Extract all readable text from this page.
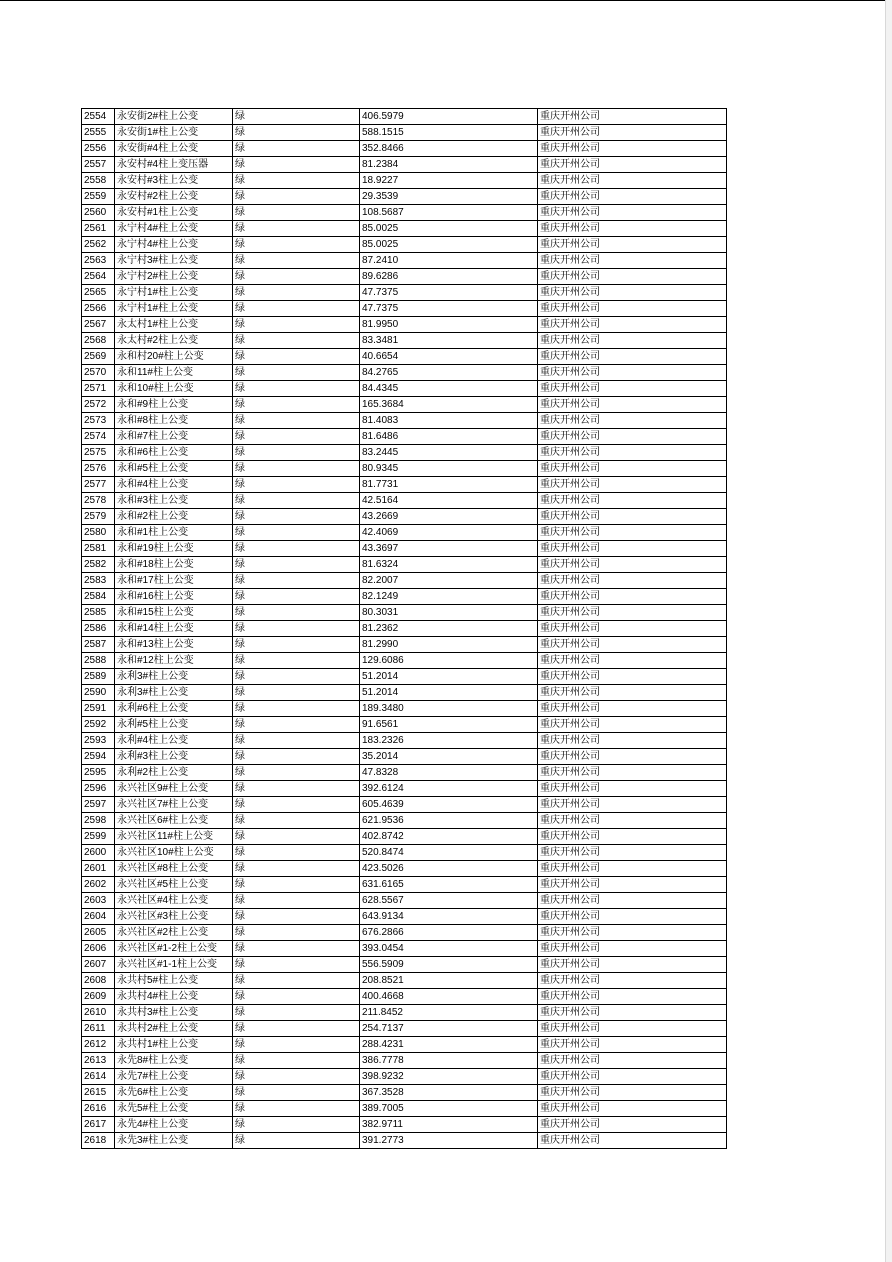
2554	永安街2#柱上公变	绿	406.5979	重庆开州公司
2555	永安街1#柱上公变	绿	588.1515	重庆开州公司
2556	永安街#4柱上公变	绿	352.8466	重庆开州公司
2557	永安村#4柱上变压器	绿	81.2384	重庆开州公司
2558	永安村#3柱上公变	绿	18.9227	重庆开州公司
2559	永安村#2柱上公变	绿	29.3539	重庆开州公司
2560	永安村#1柱上公变	绿	108.5687	重庆开州公司
2561	永宁村4#柱上公变	绿	85.0025	重庆开州公司
2562	永宁村4#柱上公变	绿	85.0025	重庆开州公司
2563	永宁村3#柱上公变	绿	87.2410	重庆开州公司
2564	永宁村2#柱上公变	绿	89.6286	重庆开州公司
2565	永宁村1#柱上公变	绿	47.7375	重庆开州公司
2566	永宁村1#柱上公变	绿	47.7375	重庆开州公司
2567	永太村1#柱上公变	绿	81.9950	重庆开州公司
2568	永太村#2柱上公变	绿	83.3481	重庆开州公司
2569	永和村20#柱上公变	绿	40.6654	重庆开州公司
2570	永和11#柱上公变	绿	84.2765	重庆开州公司
2571	永和10#柱上公变	绿	84.4345	重庆开州公司
2572	永和#9柱上公变	绿	165.3684	重庆开州公司
2573	永和#8柱上公变	绿	81.4083	重庆开州公司
2574	永和#7柱上公变	绿	81.6486	重庆开州公司
2575	永和#6柱上公变	绿	83.2445	重庆开州公司
2576	永和#5柱上公变	绿	80.9345	重庆开州公司
2577	永和#4柱上公变	绿	81.7731	重庆开州公司
2578	永和#3柱上公变	绿	42.5164	重庆开州公司
2579	永和#2柱上公变	绿	43.2669	重庆开州公司
2580	永和#1柱上公变	绿	42.4069	重庆开州公司
2581	永和#19柱上公变	绿	43.3697	重庆开州公司
2582	永和#18柱上公变	绿	81.6324	重庆开州公司
2583	永和#17柱上公变	绿	82.2007	重庆开州公司
2584	永和#16柱上公变	绿	82.1249	重庆开州公司
2585	永和#15柱上公变	绿	80.3031	重庆开州公司
2586	永和#14柱上公变	绿	81.2362	重庆开州公司
2587	永和#13柱上公变	绿	81.2990	重庆开州公司
2588	永和#12柱上公变	绿	129.6086	重庆开州公司
2589	永利3#柱上公变	绿	51.2014	重庆开州公司
2590	永利3#柱上公变	绿	51.2014	重庆开州公司
2591	永利#6柱上公变	绿	189.3480	重庆开州公司
2592	永利#5柱上公变	绿	91.6561	重庆开州公司
2593	永利#4柱上公变	绿	183.2326	重庆开州公司
2594	永利#3柱上公变	绿	35.2014	重庆开州公司
2595	永利#2柱上公变	绿	47.8328	重庆开州公司
2596	永兴社区9#柱上公变	绿	392.6124	重庆开州公司
2597	永兴社区7#柱上公变	绿	605.4639	重庆开州公司
2598	永兴社区6#柱上公变	绿	621.9536	重庆开州公司
2599	永兴社区11#柱上公变	绿	402.8742	重庆开州公司
2600	永兴社区10#柱上公变	绿	520.8474	重庆开州公司
2601	永兴社区#8柱上公变	绿	423.5026	重庆开州公司
2602	永兴社区#5柱上公变	绿	631.6165	重庆开州公司
2603	永兴社区#4柱上公变	绿	628.5567	重庆开州公司
2604	永兴社区#3柱上公变	绿	643.9134	重庆开州公司
2605	永兴社区#2柱上公变	绿	676.2866	重庆开州公司
2606	永兴社区#1-2柱上公变	绿	393.0454	重庆开州公司
2607	永兴社区#1-1柱上公变	绿	556.5909	重庆开州公司
2608	永共村5#柱上公变	绿	208.8521	重庆开州公司
2609	永共村4#柱上公变	绿	400.4668	重庆开州公司
2610	永共村3#柱上公变	绿	211.8452	重庆开州公司
2611	永共村2#柱上公变	绿	254.7137	重庆开州公司
2612	永共村1#柱上公变	绿	288.4231	重庆开州公司
2613	永先8#柱上公变	绿	386.7778	重庆开州公司
2614	永先7#柱上公变	绿	398.9232	重庆开州公司
2615	永先6#柱上公变	绿	367.3528	重庆开州公司
2616	永先5#柱上公变	绿	389.7005	重庆开州公司
2617	永先4#柱上公变	绿	382.9711	重庆开州公司
2618	永先3#柱上公变	绿	391.2773	重庆开州公司
